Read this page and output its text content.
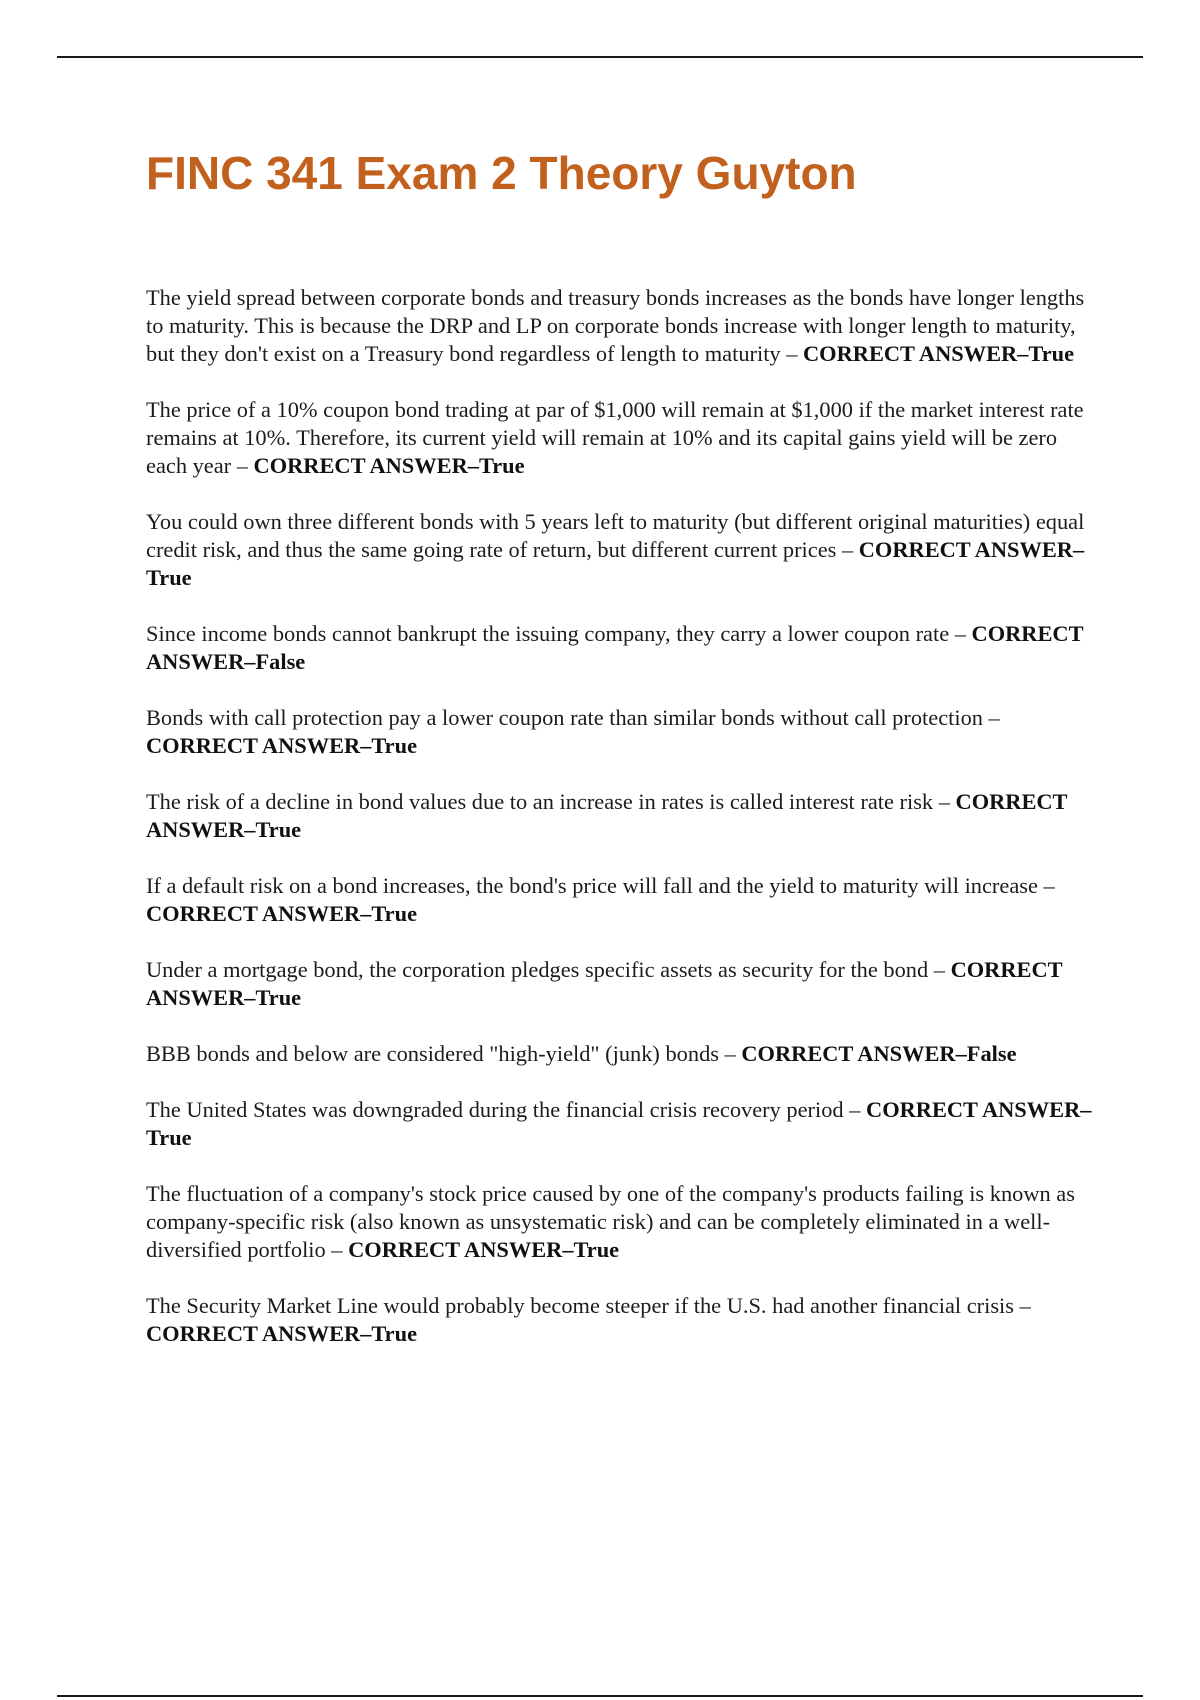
FINC 341 Exam 2 Theory Guyton
The yield spread between corporate bonds and treasury bonds increases as the bonds have longer lengths to maturity. This is because the DRP and LP on corporate bonds increase with longer length to maturity, but they don't exist on a Treasury bond regardless of length to maturity – CORRECT ANSWER–True
The price of a 10% coupon bond trading at par of $1,000 will remain at $1,000 if the market interest rate remains at 10%. Therefore, its current yield will remain at 10% and its capital gains yield will be zero each year – CORRECT ANSWER–True
You could own three different bonds with 5 years left to maturity (but different original maturities) equal credit risk, and thus the same going rate of return, but different current prices – CORRECT ANSWER–True
Since income bonds cannot bankrupt the issuing company, they carry a lower coupon rate – CORRECT ANSWER–False
Bonds with call protection pay a lower coupon rate than similar bonds without call protection – CORRECT ANSWER–True
The risk of a decline in bond values due to an increase in rates is called interest rate risk – CORRECT ANSWER–True
If a default risk on a bond increases, the bond's price will fall and the yield to maturity will increase – CORRECT ANSWER–True
Under a mortgage bond, the corporation pledges specific assets as security for the bond – CORRECT ANSWER–True
BBB bonds and below are considered "high-yield" (junk) bonds – CORRECT ANSWER–False
The United States was downgraded during the financial crisis recovery period – CORRECT ANSWER–True
The fluctuation of a company's stock price caused by one of the company's products failing is known as company-specific risk (also known as unsystematic risk) and can be completely eliminated in a well-diversified portfolio – CORRECT ANSWER–True
The Security Market Line would probably become steeper if the U.S. had another financial crisis – CORRECT ANSWER–True
